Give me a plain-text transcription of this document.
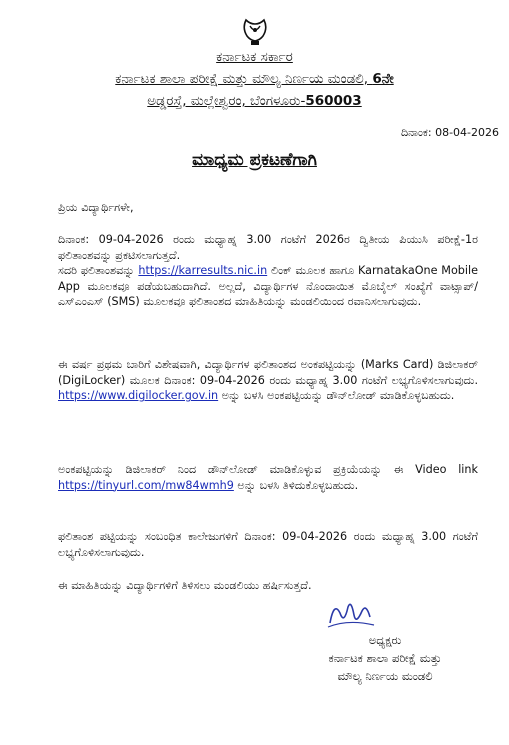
ಕರ್ನಾಟಕ ಸರ್ಕಾರ
ಕರ್ನಾಟಕ ಶಾಲಾ ಪರೀಕ್ಷೆ ಮತ್ತು ಮೌಲ್ಯ ನಿರ್ಣಯ ಮಂಡಲಿ, 6ನೇ
ಅಡ್ಡರಸ್ತೆ, ಮಲ್ಲೇಶ್ವರಂ, ಬೆಂಗಳೂರು-560003
ದಿನಾಂಕ: 08-04-2026
ಮಾಧ್ಯಮ ಪ್ರಕಟಣೆಗಾಗಿ
ಪ್ರಿಯ ವಿದ್ಯಾರ್ಥಿಗಳೇ,

ದಿನಾಂಕ: 09-04-2026 ರಂದು ಮಧ್ಯಾಹ್ನ 3.00 ಗಂಟೆಗೆ 2026ರ ದ್ವಿತೀಯ ಪಿಯುಸಿ ಪರೀಕ್ಷೆ-1ರ ಫಲಿತಾಂಶವನ್ನು ಪ್ರಕಟಿಸಲಾಗುತ್ತದೆ.

ಸದರಿ ಫಲಿತಾಂಶವನ್ನು https://karresults.nic.in ಲಿಂಕ್ ಮೂಲಕ ಹಾಗೂ KarnatakaOne Mobile App ಮೂಲಕವೂ ಪಡೆಯಬಹುದಾಗಿದೆ. ಅಲ್ಲದೆ, ವಿದ್ಯಾರ್ಥಿಗಳ ನೊಂದಾಯಿತ ಮೊಬೈಲ್ ಸಂಖ್ಯೆಗೆ ವಾಟ್ಸಾಪ್/ಎಸ್‌ಎಂಎಸ್ (SMS) ಮೂಲಕವೂ ಫಲಿತಾಂಶದ ಮಾಹಿತಿಯನ್ನು ಮಂಡಲಿಯಿಂದ ರವಾನಿಸಲಾಗುವುದು.

ಈ ವರ್ಷ ಪ್ರಥಮ ಬಾರಿಗೆ ವಿಶೇಷವಾಗಿ, ವಿದ್ಯಾರ್ಥಿಗಳ ಫಲಿತಾಂಶದ ಅಂಕಪಟ್ಟಿಯನ್ನು (Marks Card) ಡಿಜಿಲಾಕರ್ (DigiLocker) ಮೂಲಕ ದಿನಾಂಕ: 09-04-2026 ರಂದು ಮಧ್ಯಾಹ್ನ 3.00 ಗಂಟೆಗೆ ಲಭ್ಯಗೊಳಿಸಲಾಗುವುದು. https://www.digilocker.gov.in ಅನ್ನು ಬಳಸಿ ಅಂಕಪಟ್ಟಿಯನ್ನು ಡೌನ್‌ಲೋಡ್ ಮಾಡಿಕೊಳ್ಳಬಹುದು.

ಅಂಕಪಟ್ಟಿಯನ್ನು ಡಿಜಿಲಾಕರ್ ನಿಂದ ಡೌನ್‌ಲೋಡ್ ಮಾಡಿಕೊಳ್ಳುವ ಪ್ರಕ್ರಿಯೆಯನ್ನು ಈ Video link https://tinyurl.com/mw84wmh9 ಅನ್ನು ಬಳಸಿ ತಿಳಿದುಕೊಳ್ಳಬಹುದು.

ಫಲಿತಾಂಶ ಪಟ್ಟಿಯನ್ನು ಸಂಬಂಧಿತ ಕಾಲೇಜುಗಳಿಗೆ ದಿನಾಂಕ: 09-04-2026 ರಂದು ಮಧ್ಯಾಹ್ನ 3.00 ಗಂಟೆಗೆ ಲಭ್ಯಗೊಳಿಸಲಾಗುವುದು.
ಈ ಮಾಹಿತಿಯನ್ನು ವಿದ್ಯಾರ್ಥಿಗಳಿಗೆ ತಿಳಿಸಲು ಮಂಡಲಿಯು ಹರ್ಷಿಸುತ್ತದೆ.
ಅಧ್ಯಕ್ಷರು
ಕರ್ನಾಟಕ ಶಾಲಾ ಪರೀಕ್ಷೆ ಮತ್ತು
ಮೌಲ್ಯ ನಿರ್ಣಯ ಮಂಡಲಿ
